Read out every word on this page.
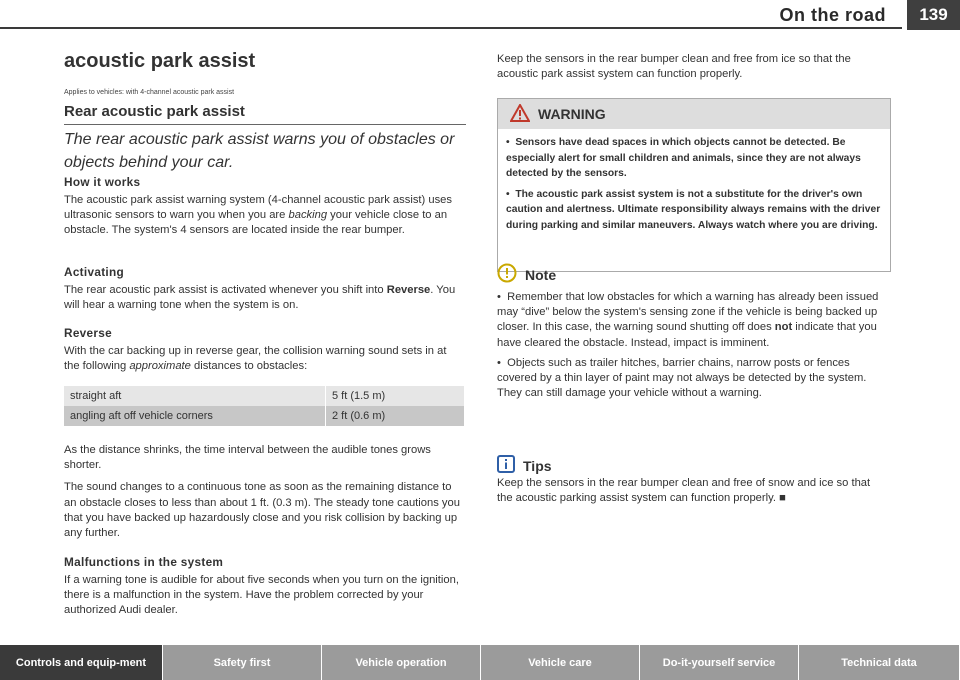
On the road	139
acoustic park assist
Applies to vehicles: with 4-channel acoustic park assist
Rear acoustic park assist
The rear acoustic park assist warns you of obstacles or objects behind your car.

How it works

The acoustic park assist warning system (4-channel acoustic park assist) uses ultrasonic sensors to warn you when you are backing your vehicle close to an obstacle. The system's 4 sensors are located inside the rear bumper.

Activating

The rear acoustic park assist is activated whenever you shift into Reverse. You will hear a warning tone when the system is on.

Reverse

With the car backing up in reverse gear, the collision warning sound sets in at the following approximate distances to obstacles:

straight aft	5 ft (1.5 m)
angling aft off vehicle corners	2 ft (0.6 m)

As the distance shrinks, the time interval between the audible tones grows shorter.

The sound changes to a continuous tone as soon as the remaining distance to an obstacle closes to less than about 1 ft. (0.3 m). The steady tone cautions you that you have backed up hazardously close and you risk collision by backing up any further.

Malfunctions in the system

If a warning tone is audible for about five seconds when you turn on the ignition, there is a malfunction in the system. Have the problem corrected by your authorized Audi dealer.

Keep the sensors in the rear bumper clean and free from ice so that the acoustic park assist system can function properly.

WARNING

•  Sensors have dead spaces in which objects cannot be detected. Be especially alert for small children and animals, since they are not always detected by the sensors.

•  The acoustic park assist system is not a substitute for the driver's own caution and alertness. Ultimate responsibility always remains with the driver during parking and similar maneuvers. Always watch where you are driving.

Note

•  Remember that low obstacles for which a warning has already been issued may “dive” below the system's sensing zone if the vehicle is being backed up closer. In this case, the warning sound shutting off does not indicate that you have cleared the obstacle. Instead, impact is imminent.

•  Objects such as trailer hitches, barrier chains, narrow posts or fences covered by a thin layer of paint may not always be detected by the system. They can still damage your vehicle without a warning.

Tips

Keep the sensors in the rear bumper clean and free of snow and ice so that the acoustic parking assist system can function properly. ■

Controls and equip-ment	Safety first	Vehicle operation	Vehicle care	Do-it-yourself service	Technical data
